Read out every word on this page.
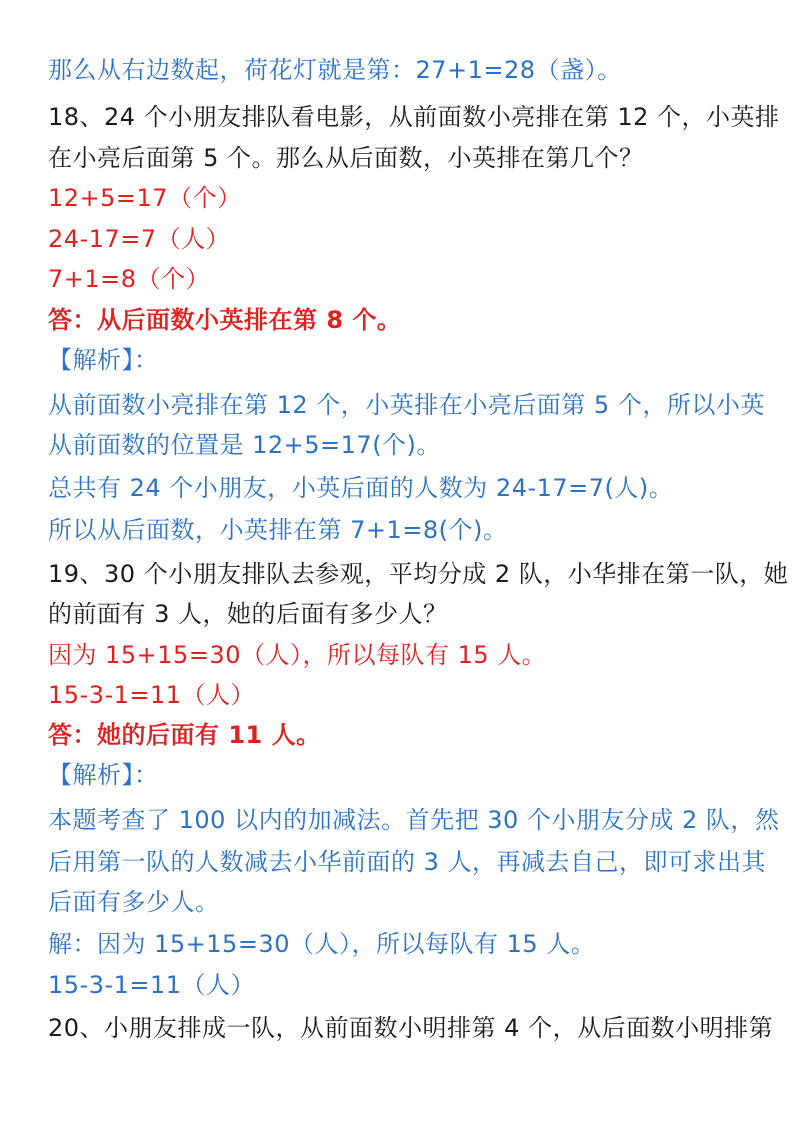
那么从右边数起，荷花灯就是第：27+1=28（盏）。
18、24 个小朋友排队看电影，从前面数小亮排在第 12 个，小英排
在小亮后面第 5 个。那么从后面数，小英排在第几个？
12+5=17（个）
24-17=7（人）
7+1=8（个）
答：从后面数小英排在第 8 个。
【解析】：
从前面数小亮排在第 12 个，小英排在小亮后面第 5 个，所以小英
从前面数的位置是 12+5=17(个)。
总共有 24 个小朋友，小英后面的人数为 24-17=7(人)。
所以从后面数，小英排在第 7+1=8(个)。
19、30 个小朋友排队去参观，平均分成 2 队，小华排在第一队，她
的前面有 3 人，她的后面有多少人？
因为 15+15=30（人），所以每队有 15 人。
15-3-1=11（人）
答：她的后面有 11 人。
【解析】：
本题考查了 100 以内的加减法。首先把 30 个小朋友分成 2 队，然
后用第一队的人数减去小华前面的 3 人，再减去自己，即可求出其
后面有多少人。
解：因为 15+15=30（人），所以每队有 15 人。
15-3-1=11（人）
20、小朋友排成一队，从前面数小明排第 4 个，从后面数小明排第
